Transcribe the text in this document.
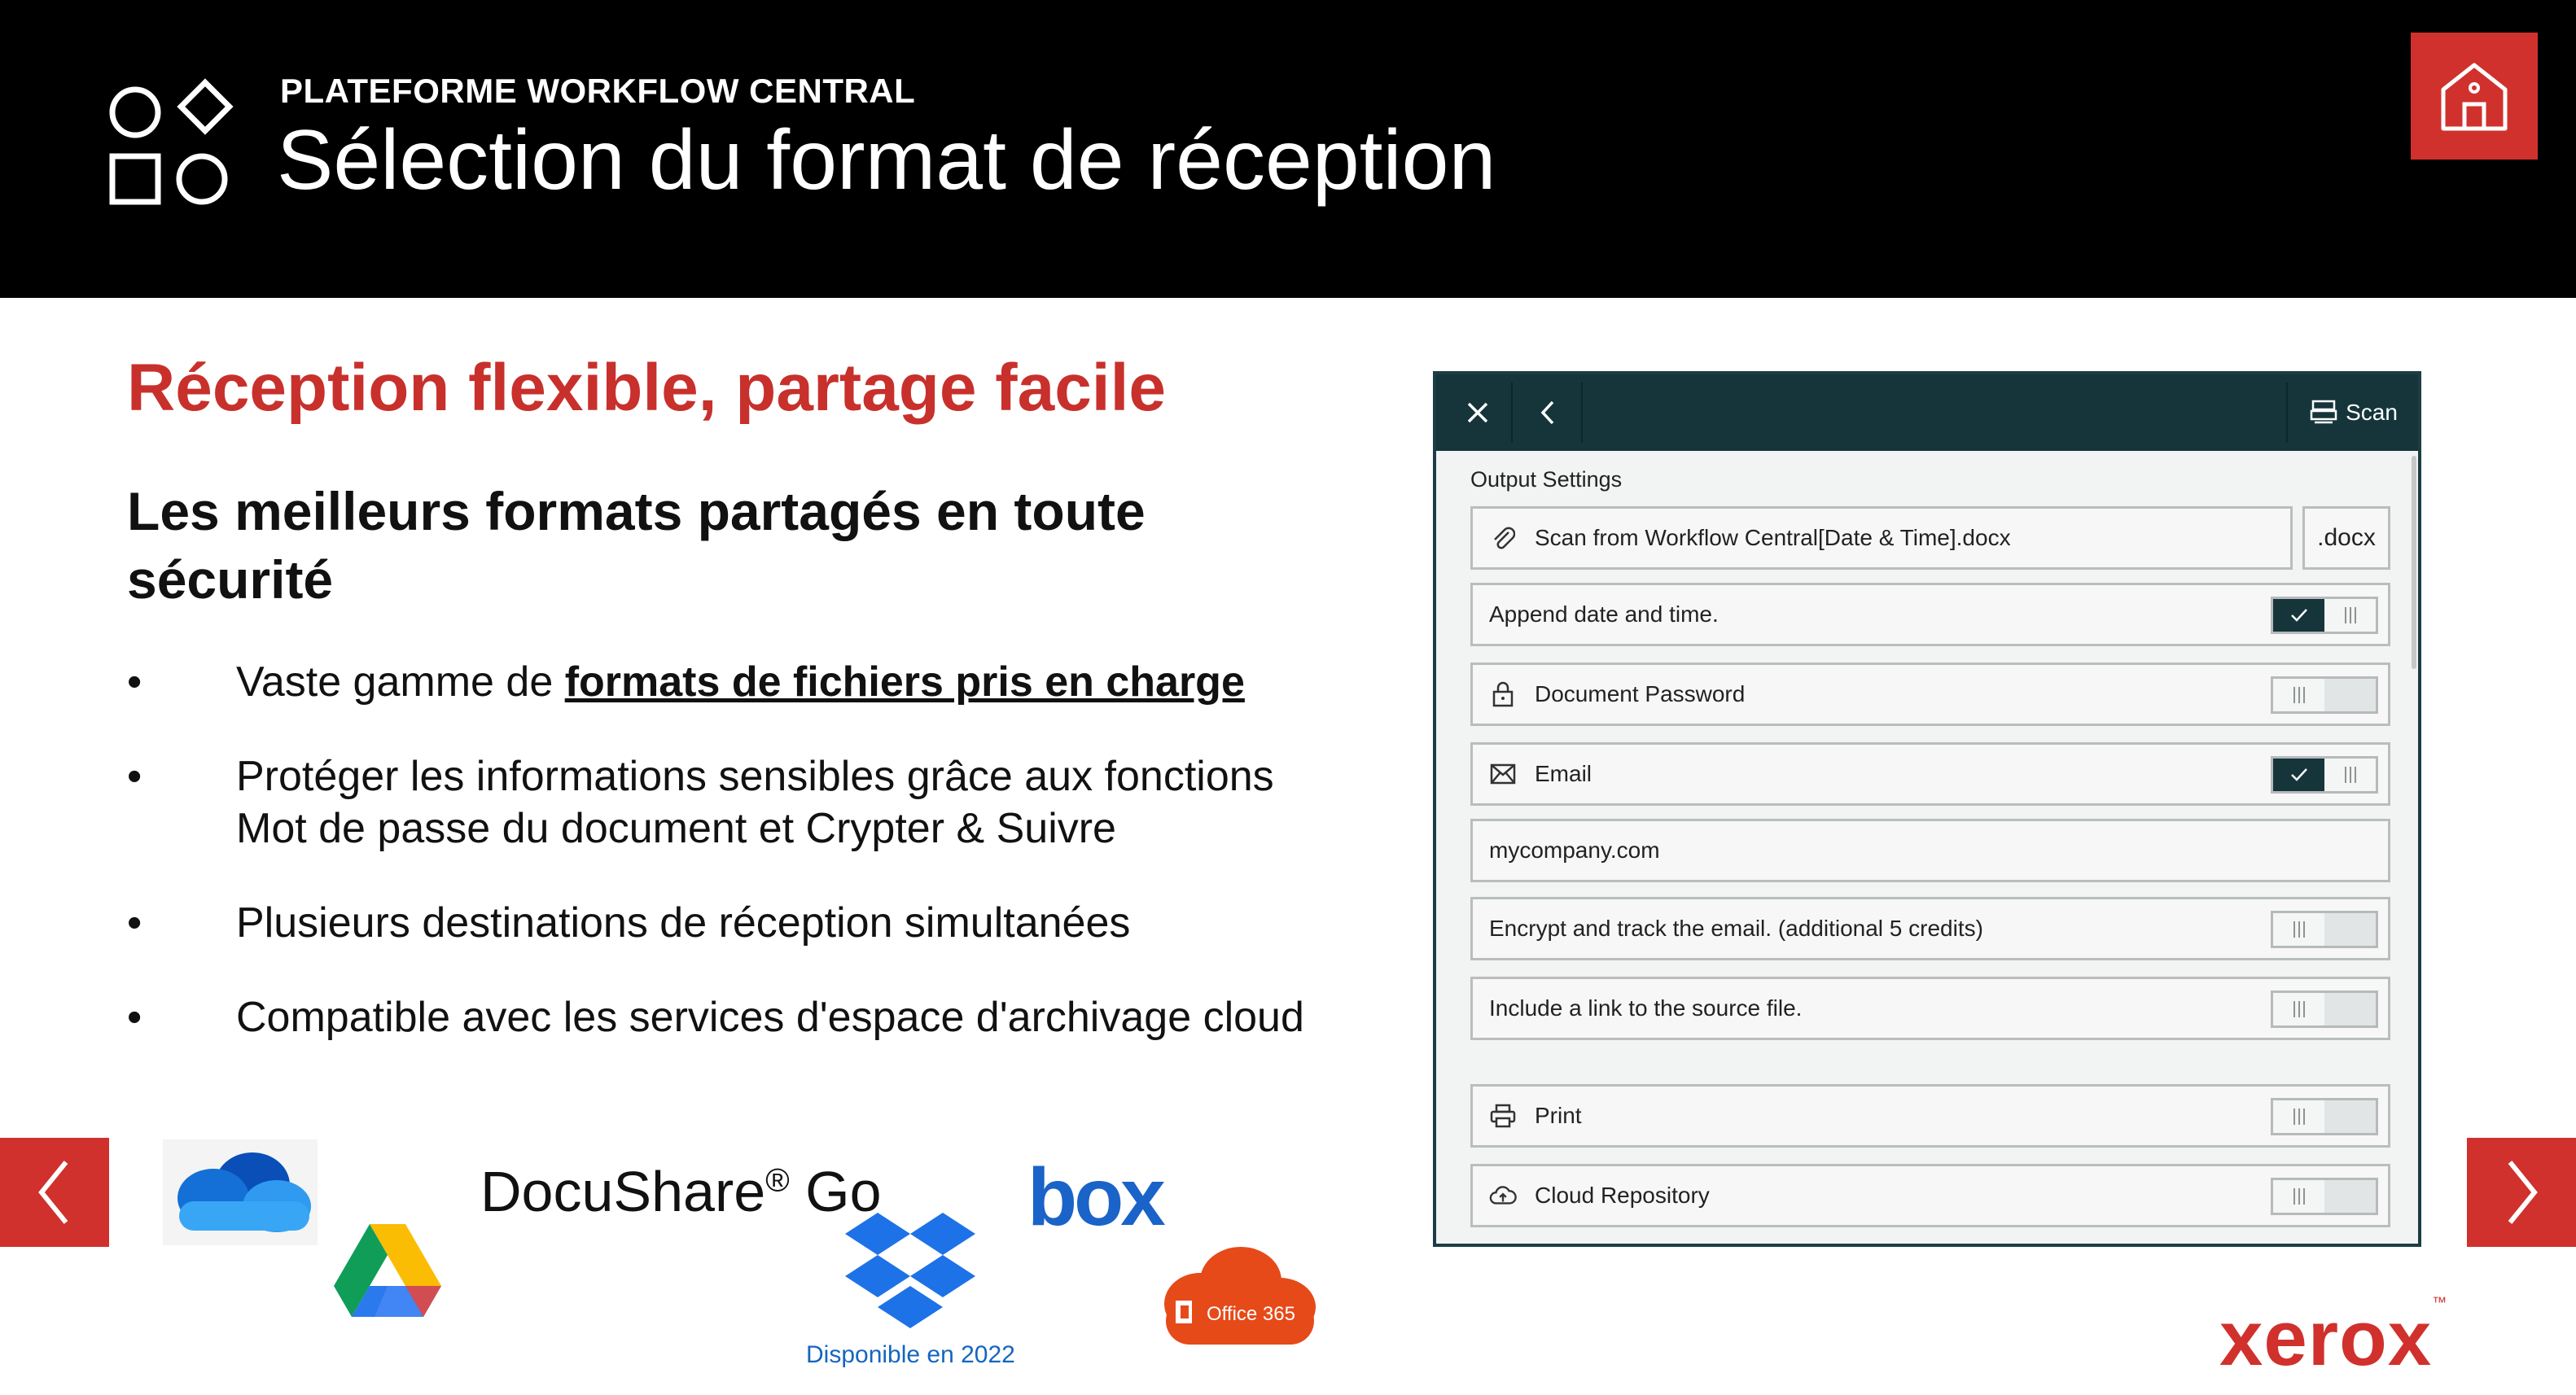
PLATEFORME WORKFLOW CENTRAL
Sélection du format de réception
Réception flexible, partage facile
Les meilleurs formats partagés en toute
sécurité
•	Vaste gamme de formats de fichiers pris en charge
•	Protéger les informations sensibles grâce aux fonctions
Mot de passe du document et Crypter & Suivre
•	Plusieurs destinations de réception simultanées
•	Compatible avec les services d'espace d'archivage cloud
DocuShare® Go
Disponible en 2022
box
Office 365	xerox™
Scan
Output Settings
Scan from Workflow Central[Date & Time].docx	.docx
Append date and time.
Document Password
Email
mycompany.com
Encrypt and track the email. (additional 5 credits)
Include a link to the source file.
Print
Cloud Repository
